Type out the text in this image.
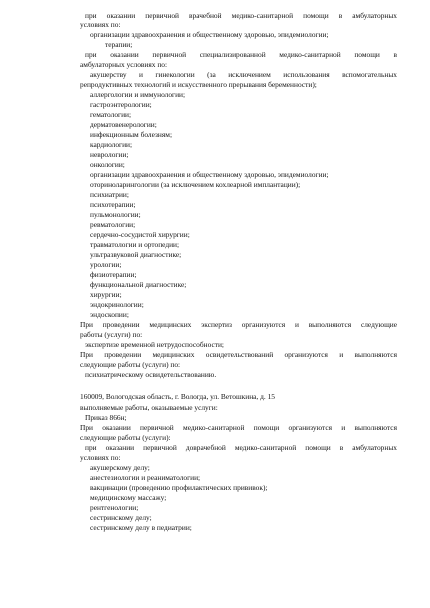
при оказании первичной врачебной медико-санитарной помощи в амбулаторных
условиях по:
организации здравоохранения и общественному здоровью, эпидемиологии;
терапии;
при оказании первичной специализированной медико-санитарной помощи в
амбулаторных условиях по:
акушерству и гинекологии (за исключением использования вспомогательных
репродуктивных технологий и искусственного прерывания беременности);
аллергологии и иммунологии;
гастроэнтерологии;
гематологии;
дерматовенерологии;
инфекционным болезням;
кардиологии;
неврологии;
онкологии;
организации здравоохранения и общественному здоровью, эпидемиологии;
оториноларингологии (за исключением кохлеарной имплантации);
психиатрии;
психотерапии;
пульмонологии;
ревматологии;
сердечно-сосудистой хирургии;
травматологии и ортопедии;
ультразвуковой диагностике;
урологии;
физиотерапии;
функциональной диагностике;
хирургии;
эндокринологии;
эндоскопии;
При проведении медицинских экспертиз организуются и выполняются следующие
работы (услуги) по:
экспертизе временной нетрудоспособности;
При проведении медицинских освидетельствований организуются и выполняются
следующие работы (услуги) по:
психиатрическому освидетельствованию.
160009, Вологодская область, г. Вологда, ул. Ветошкина, д. 15
выполняемые работы, оказываемые услуги:
Приказ 866н;
При оказании первичной медико-санитарной помощи организуются и выполняются
следующие работы (услуги):
при оказании первичной доврачебной медико-санитарной помощи в амбулаторных
условиях по:
акушерскому делу;
анестезиологии и реаниматологии;
вакцинации (проведению профилактических прививок);
медицинскому массажу;
рентгенологии;
сестринскому делу;
сестринскому делу в педиатрии;
